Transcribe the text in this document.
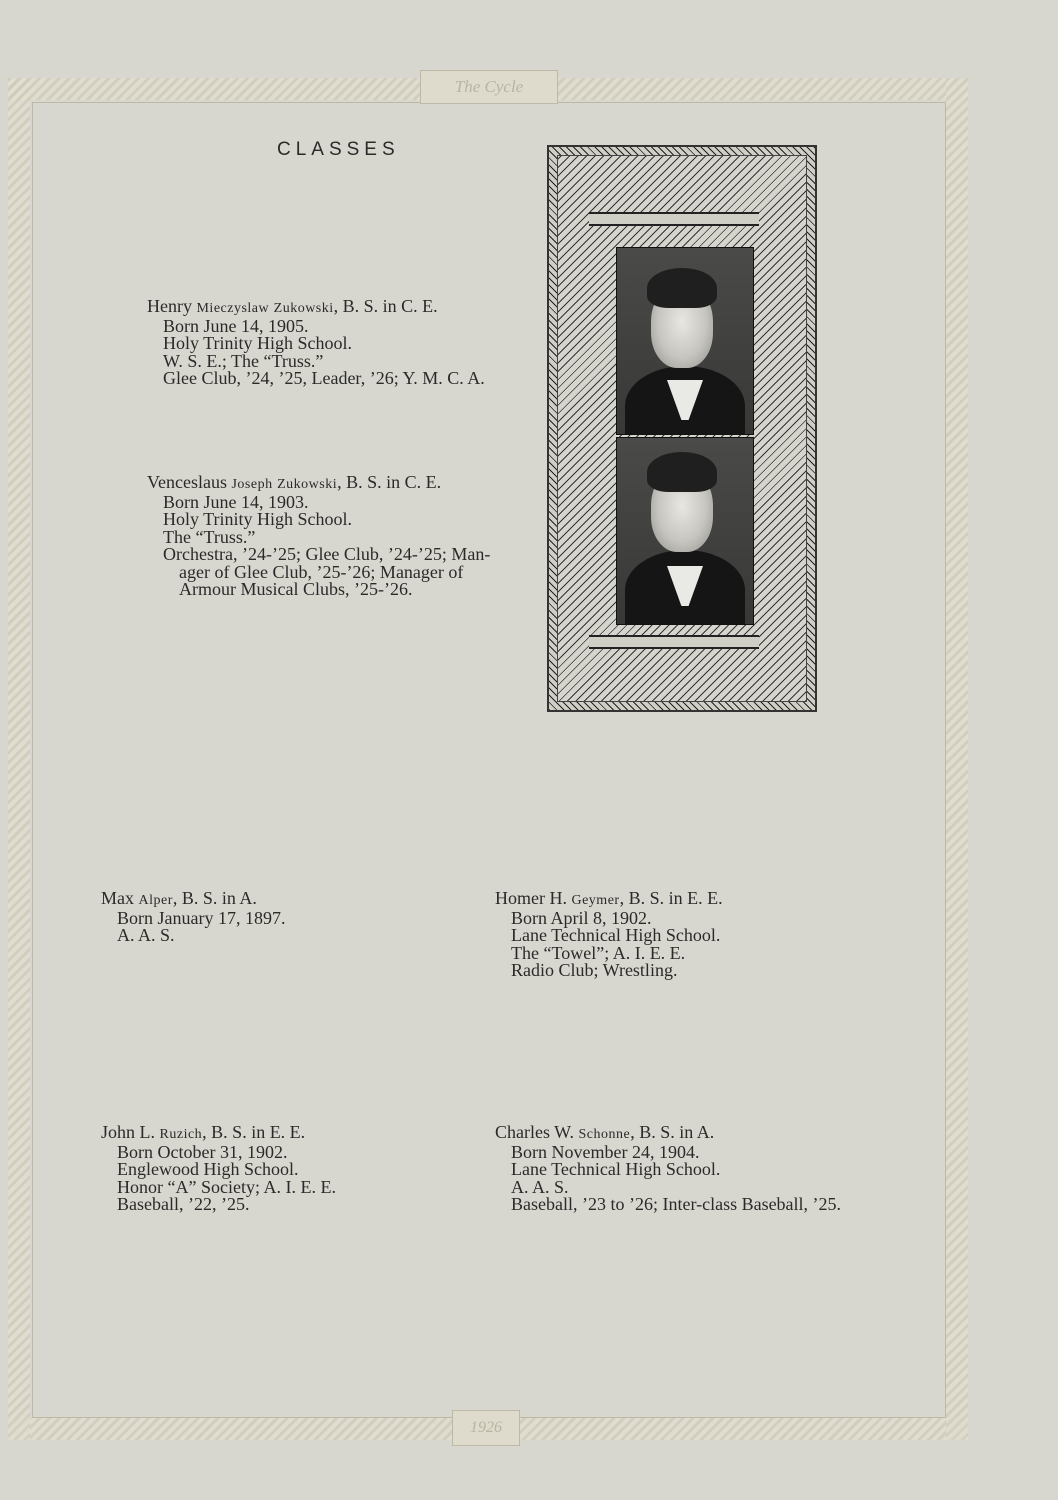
The Cycle
1926
CLASSES
Henry Mieczyslaw Zukowski, B. S. in C. E.
Born June 14, 1905.
Holy Trinity High School.
W. S. E.; The “Truss.”
Glee Club, ’24, ’25, Leader, ’26; Y. M. C. A.
Venceslaus Joseph Zukowski, B. S. in C. E.
Born June 14, 1903.
Holy Trinity High School.
The “Truss.”
Orchestra, ’24-’25; Glee Club, ’24-’25; Man-
ager of Glee Club, ’25-’26; Manager of
Armour Musical Clubs, ’25-’26.
Max Alper, B. S. in A.
Born January 17, 1897.
A. A. S.
Homer H. Geymer, B. S. in E. E.
Born April 8, 1902.
Lane Technical High School.
The “Towel”; A. I. E. E.
Radio Club; Wrestling.
John L. Ruzich, B. S. in E. E.
Born October 31, 1902.
Englewood High School.
Honor “A” Society; A. I. E. E.
Baseball, ’22, ’25.
Charles W. Schonne, B. S. in A.
Born November 24, 1904.
Lane Technical High School.
A. A. S.
Baseball, ’23 to ’26; Inter-class Baseball, ’25.
